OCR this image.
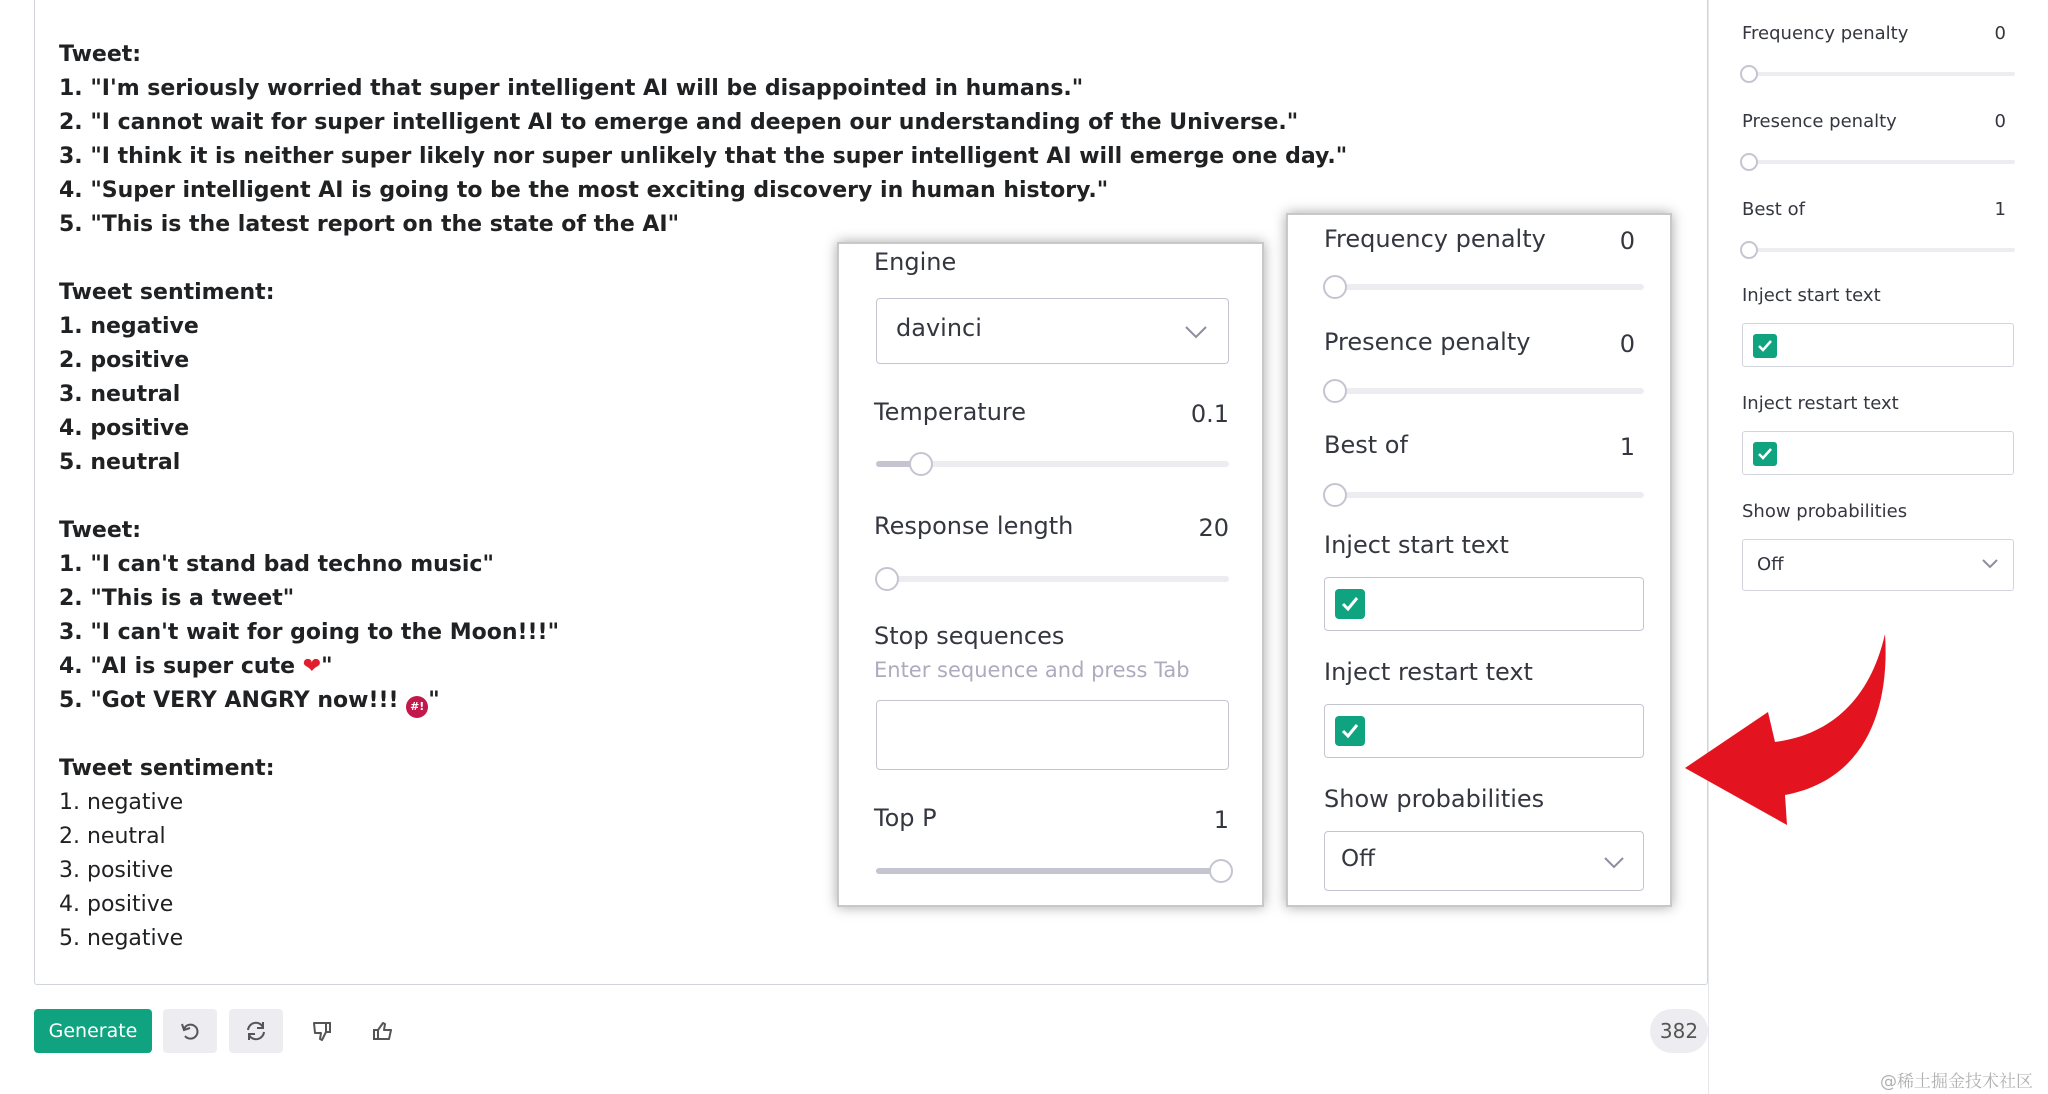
Tweet:
1. "I'm seriously worried that super intelligent AI will be disappointed in humans."
2. "I cannot wait for super intelligent AI to emerge and deepen our understanding of the Universe."
3. "I think it is neither super likely nor super unlikely that the super intelligent AI will emerge one day."
4. "Super intelligent AI is going to be the most exciting discovery in human history."
5. "This is the latest report on the state of the AI"
Tweet sentiment:
1. negative
2. positive
3. neutral
4. positive
5. neutral
Tweet:
1. "I can't stand bad techno music"
2. "This is a tweet"
3. "I can't wait for going to the Moon!!!"
4. "AI is super cute ❤"
5. "Got VERY ANGRY now!!! #! "
Tweet sentiment:
1. negative
2. neutral
3. positive
4. positive
5. negative
Generate	382
Frequency penalty	0
Presence penalty	0
Best of	1
Inject start text
Inject restart text
Show probabilities
Off
Engine
davinci
Temperature	0.1
Response length	20
Stop sequences
Enter sequence and press Tab
Top P	1
Frequency penalty	0
Presence penalty	0
Best of	1
Inject start text
Inject restart text
Show probabilities
Off
@稀土掘金技术社区
